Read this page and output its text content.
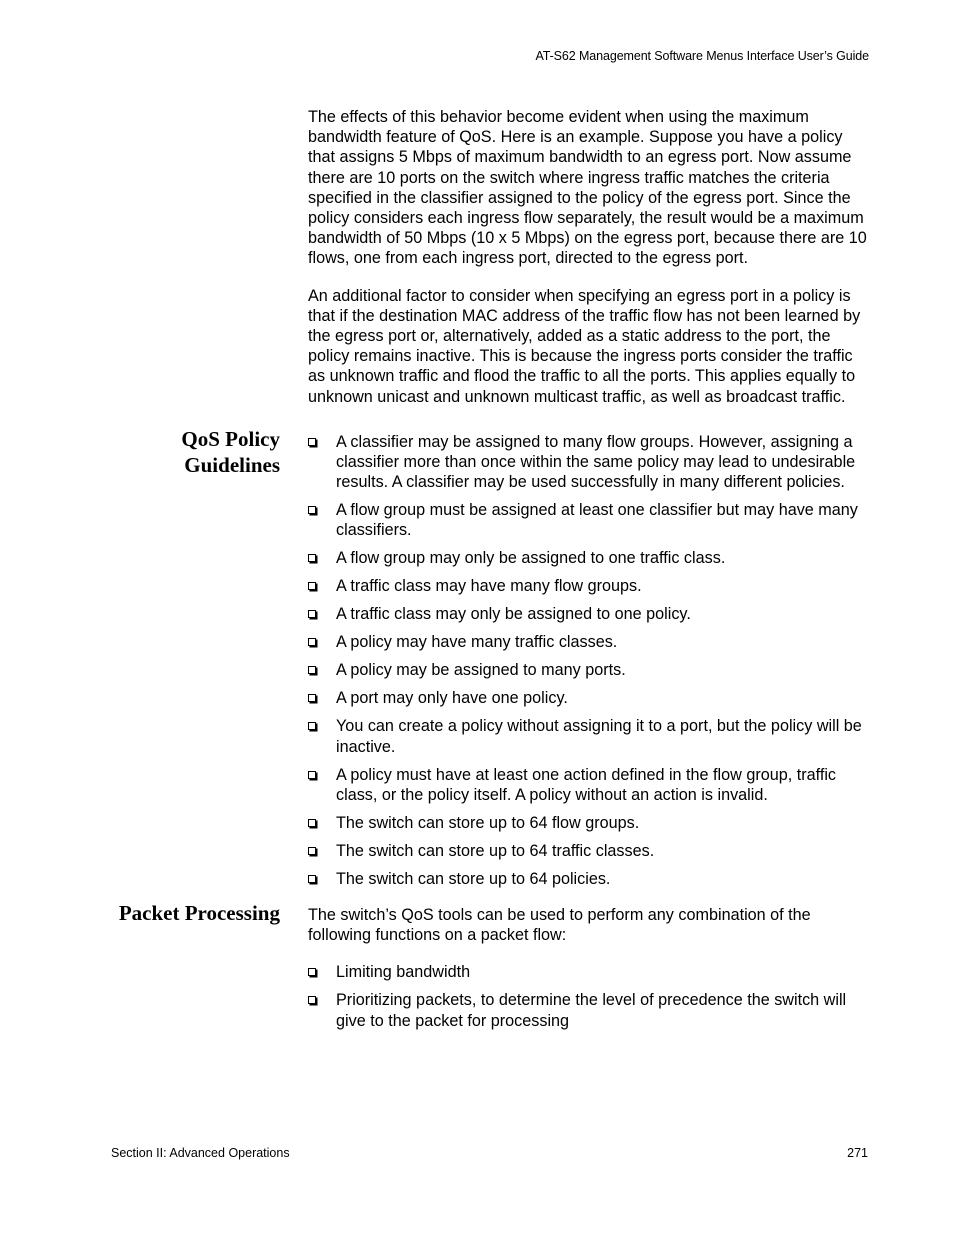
AT-S62 Management Software Menus Interface User’s Guide

The effects of this behavior become evident when using the maximum bandwidth feature of QoS. Here is an example. Suppose you have a policy that assigns 5 Mbps of maximum bandwidth to an egress port. Now assume there are 10 ports on the switch where ingress traffic matches the criteria specified in the classifier assigned to the policy of the egress port. Since the policy considers each ingress flow separately, the result would be a maximum bandwidth of 50 Mbps (10 x 5 Mbps) on the egress port, because there are 10 flows, one from each ingress port, directed to the egress port.

An additional factor to consider when specifying an egress port in a policy is that if the destination MAC address of the traffic flow has not been learned by the egress port or, alternatively, added as a static address to the port, the policy remains inactive. This is because the ingress ports consider the traffic as unknown traffic and flood the traffic to all the ports. This applies equally to unknown unicast and unknown multicast traffic, as well as broadcast traffic.

QoS Policy
Guidelines
A classifier may be assigned to many flow groups. However, assigning a classifier more than once within the same policy may lead to undesirable results. A classifier may be used successfully in many different policies.
A flow group must be assigned at least one classifier but may have many classifiers.
A flow group may only be assigned to one traffic class.
A traffic class may have many flow groups.
A traffic class may only be assigned to one policy.
A policy may have many traffic classes.
A policy may be assigned to many ports.
A port may only have one policy.
You can create a policy without assigning it to a port, but the policy will be inactive.
A policy must have at least one action defined in the flow group, traffic class, or the policy itself. A policy without an action is invalid.
The switch can store up to 64 flow groups.
The switch can store up to 64 traffic classes.
The switch can store up to 64 policies.
Packet Processing The switch’s QoS tools can be used to perform any combination of the following functions on a packet flow:

Limiting bandwidth
Prioritizing packets, to determine the level of precedence the switch will give to the packet for processing
Section II: Advanced Operations	271
